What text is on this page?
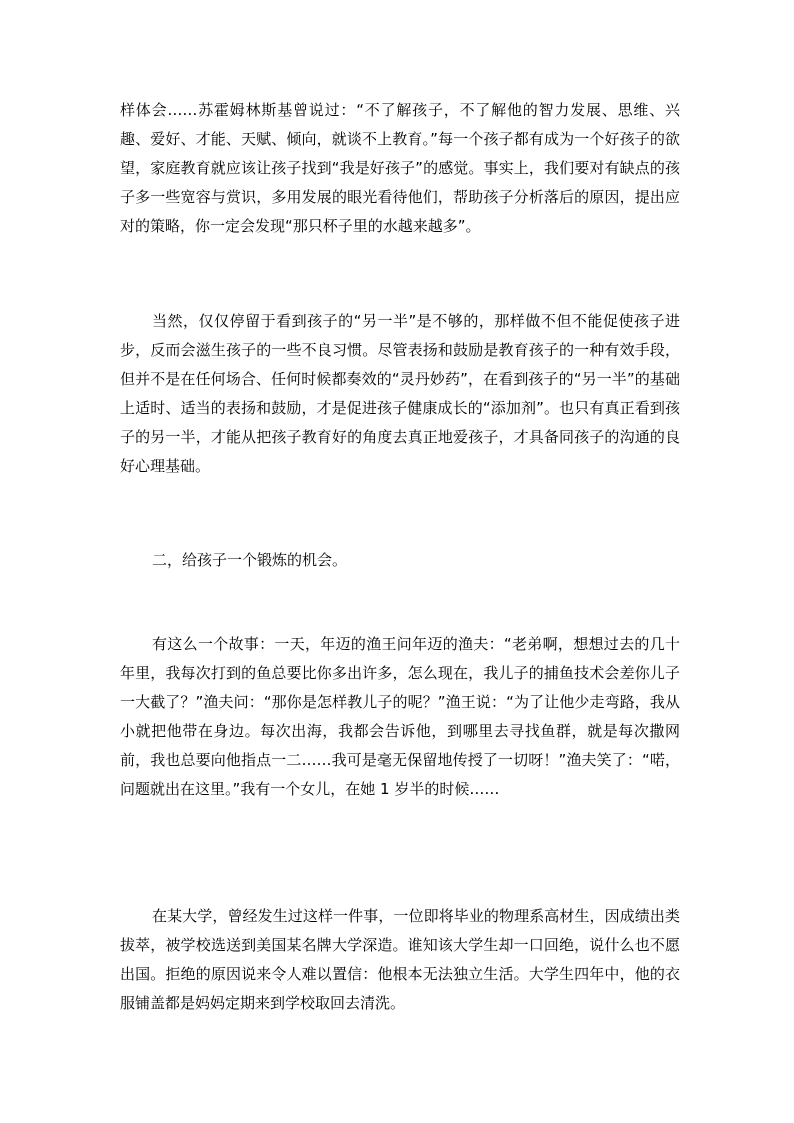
样体会……苏霍姆林斯基曾说过：“不了解孩子，不了解他的智力发展、思维、兴趣、爱好、才能、天赋、倾向，就谈不上教育。”每一个孩子都有成为一个好孩子的欲望，家庭教育就应该让孩子找到“我是好孩子”的感觉。事实上，我们要对有缺点的孩子多一些宽容与赏识，多用发展的眼光看待他们，帮助孩子分析落后的原因，提出应对的策略，你一定会发现“那只杯子里的水越来越多”。

当然，仅仅停留于看到孩子的“另一半”是不够的，那样做不但不能促使孩子进步，反而会滋生孩子的一些不良习惯。尽管表扬和鼓励是教育孩子的一种有效手段，但并不是在任何场合、任何时候都奏效的“灵丹妙药”，在看到孩子的“另一半”的基础上适时、适当的表扬和鼓励，才是促进孩子健康成长的“添加剂”。也只有真正看到孩子的另一半，才能从把孩子教育好的角度去真正地爱孩子，才具备同孩子的沟通的良好心理基础。

二，给孩子一个锻炼的机会。

有这么一个故事：一天，年迈的渔王问年迈的渔夫：“老弟啊，想想过去的几十年里，我每次打到的鱼总要比你多出许多，怎么现在，我儿子的捕鱼技术会差你儿子一大截了？”渔夫问：“那你是怎样教儿子的呢？”渔王说：“为了让他少走弯路，我从小就把他带在身边。每次出海，我都会告诉他，到哪里去寻找鱼群，就是每次撒网前，我也总要向他指点一二……我可是毫无保留地传授了一切呀！”渔夫笑了：“喏，问题就出在这里。”我有一个女儿，在她 1 岁半的时候……

在某大学，曾经发生过这样一件事，一位即将毕业的物理系高材生，因成绩出类拔萃，被学校选送到美国某名牌大学深造。谁知该大学生却一口回绝，说什么也不愿出国。拒绝的原因说来令人难以置信：他根本无法独立生活。大学生四年中，他的衣服铺盖都是妈妈定期来到学校取回去清洗。
